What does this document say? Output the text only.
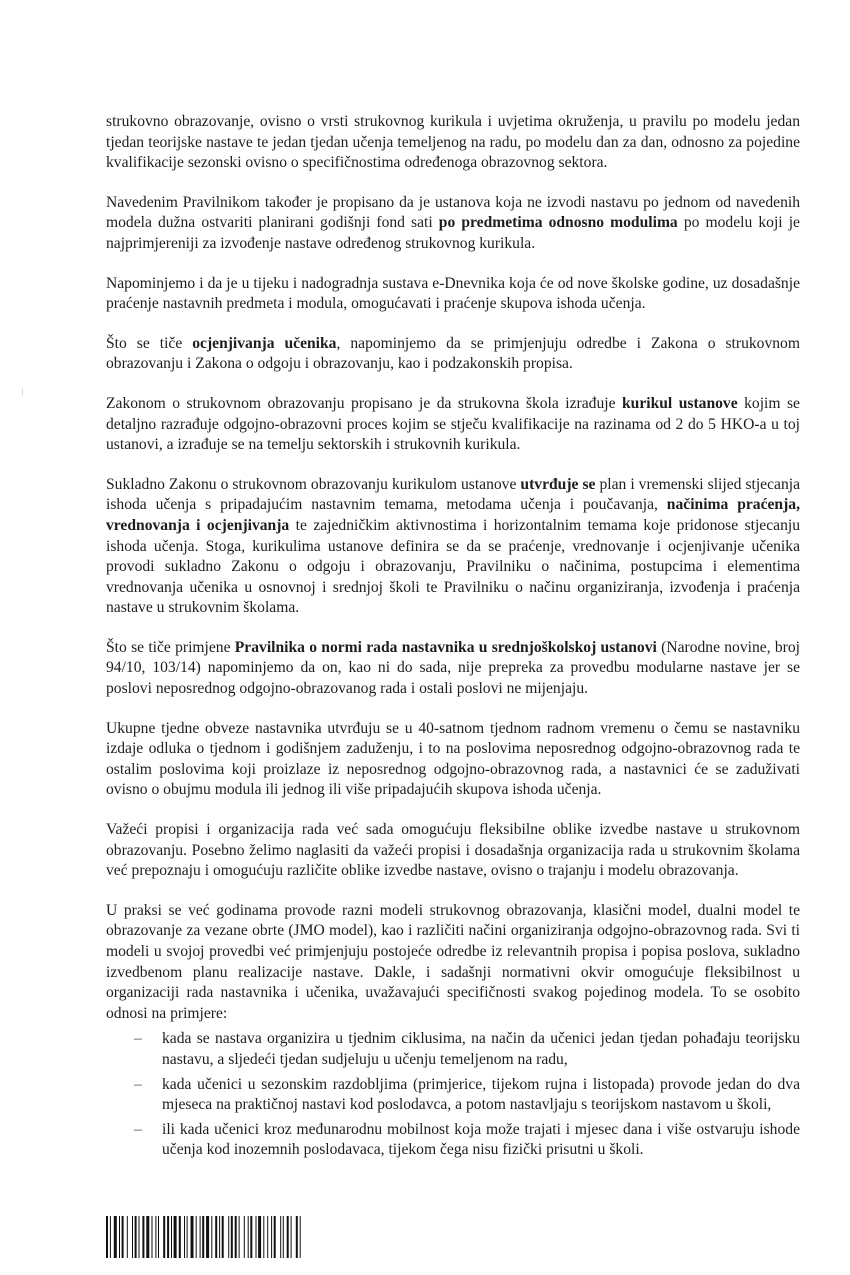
strukovno obrazovanje, ovisno o vrsti strukovnog kurikula i uvjetima okruženja, u pravilu po modelu jedan tjedan teorijske nastave te jedan tjedan učenja temeljenog na radu, po modelu dan za dan, odnosno za pojedine kvalifikacije sezonski ovisno o specifičnostima određenoga obrazovnog sektora.

Navedenim Pravilnikom također je propisano da je ustanova koja ne izvodi nastavu po jednom od navedenih modela dužna ostvariti planirani godišnji fond sati po predmetima odnosno modulima po modelu koji je najprimjereniji za izvođenje nastave određenog strukovnog kurikula.

Napominjemo i da je u tijeku i nadogradnja sustava e-Dnevnika koja će od nove školske godine, uz dosadašnje praćenje nastavnih predmeta i modula, omogućavati i praćenje skupova ishoda učenja.

Što se tiče ocjenjivanja učenika, napominjemo da se primjenjuju odredbe i Zakona o strukovnom obrazovanju i Zakona o odgoju i obrazovanju, kao i podzakonskih propisa.

Zakonom o strukovnom obrazovanju propisano je da strukovna škola izrađuje kurikul ustanove kojim se detaljno razrađuje odgojno-obrazovni proces kojim se stječu kvalifikacije na razinama od 2 do 5 HKO-a u toj ustanovi, a izrađuje se na temelju sektorskih i strukovnih kurikula.

Sukladno Zakonu o strukovnom obrazovanju kurikulom ustanove utvrđuje se plan i vremenski slijed stjecanja ishoda učenja s pripadajućim nastavnim temama, metodama učenja i poučavanja, načinima praćenja, vrednovanja i ocjenjivanja te zajedničkim aktivnostima i horizontalnim temama koje pridonose stjecanju ishoda učenja. Stoga, kurikulima ustanove definira se da se praćenje, vrednovanje i ocjenjivanje učenika provodi sukladno Zakonu o odgoju i obrazovanju, Pravilniku o načinima, postupcima i elementima vrednovanja učenika u osnovnoj i srednjoj školi te Pravilniku o načinu organiziranja, izvođenja i praćenja nastave u strukovnim školama.

Što se tiče primjene Pravilnika o normi rada nastavnika u srednjoškolskoj ustanovi (Narodne novine, broj 94/10, 103/14) napominjemo da on, kao ni do sada, nije prepreka za provedbu modularne nastave jer se poslovi neposrednog odgojno-obrazovanog rada i ostali poslovi ne mijenjaju.

Ukupne tjedne obveze nastavnika utvrđuju se u 40-satnom tjednom radnom vremenu o čemu se nastavniku izdaje odluka o tjednom i godišnjem zaduženju, i to na poslovima neposrednog odgojno-obrazovnog rada te ostalim poslovima koji proizlaze iz neposrednog odgojno-obrazovnog rada, a nastavnici će se zaduživati ovisno o obujmu modula ili jednog ili više pripadajućih skupova ishoda učenja.

Važeći propisi i organizacija rada već sada omogućuju fleksibilne oblike izvedbe nastave u strukovnom obrazovanju. Posebno želimo naglasiti da važeći propisi i dosadašnja organizacija rada u strukovnim školama već prepoznaju i omogućuju različite oblike izvedbe nastave, ovisno o trajanju i modelu obrazovanja.

U praksi se već godinama provode razni modeli strukovnog obrazovanja, klasični model, dualni model te obrazovanje za vezane obrte (JMO model), kao i različiti načini organiziranja odgojno-obrazovnog rada. Svi ti modeli u svojoj provedbi već primjenjuju postojeće odredbe iz relevantnih propisa i popisa poslova, sukladno izvedbenom planu realizacije nastave. Dakle, i sadašnji normativni okvir omogućuje fleksibilnost u organizaciji rada nastavnika i učenika, uvažavajući specifičnosti svakog pojedinog modela. To se osobito odnosi na primjere:

– kada se nastava organizira u tjednim ciklusima, na način da učenici jedan tjedan pohađaju teorijsku nastavu, a sljedeći tjedan sudjeluju u učenju temeljenom na radu,
– kada učenici u sezonskim razdobljima (primjerice, tijekom rujna i listopada) provode jedan do dva mjeseca na praktičnoj nastavi kod poslodavca, a potom nastavljaju s teorijskom nastavom u školi,
– ili kada učenici kroz međunarodnu mobilnost koja može trajati i mjesec dana i više ostvaruju ishode učenja kod inozemnih poslodavaca, tijekom čega nisu fizički prisutni u školi.
